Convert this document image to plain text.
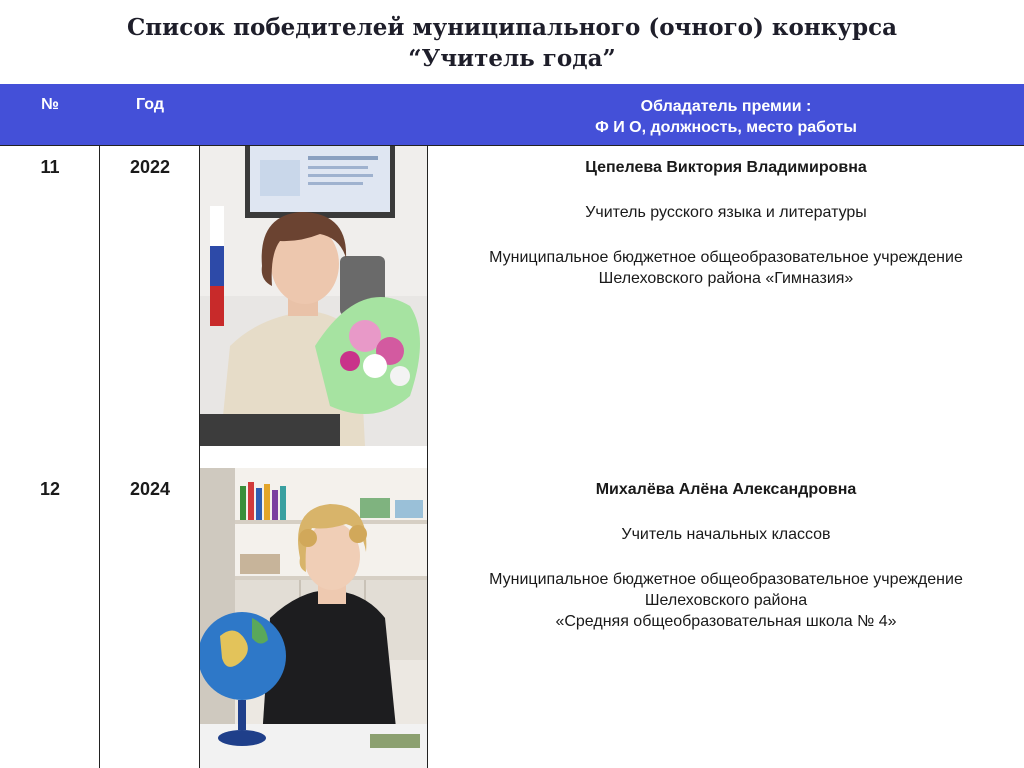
Список победителей муниципального (очного) конкурса
“Учитель года”
№	Год	Обладатель премии :
Ф И О, должность, место работы
11	2022	Цепелева Виктория Владимировна
Учитель русского языка и литературы
Муниципальное бюджетное общеобразовательное учреждение
Шелеховского района «Гимназия»
12	2024	Михалёва Алёна Александровна
Учитель начальных классов
Муниципальное бюджетное общеобразовательное учреждение
Шелеховского района
«Средняя общеобразовательная школа № 4»
